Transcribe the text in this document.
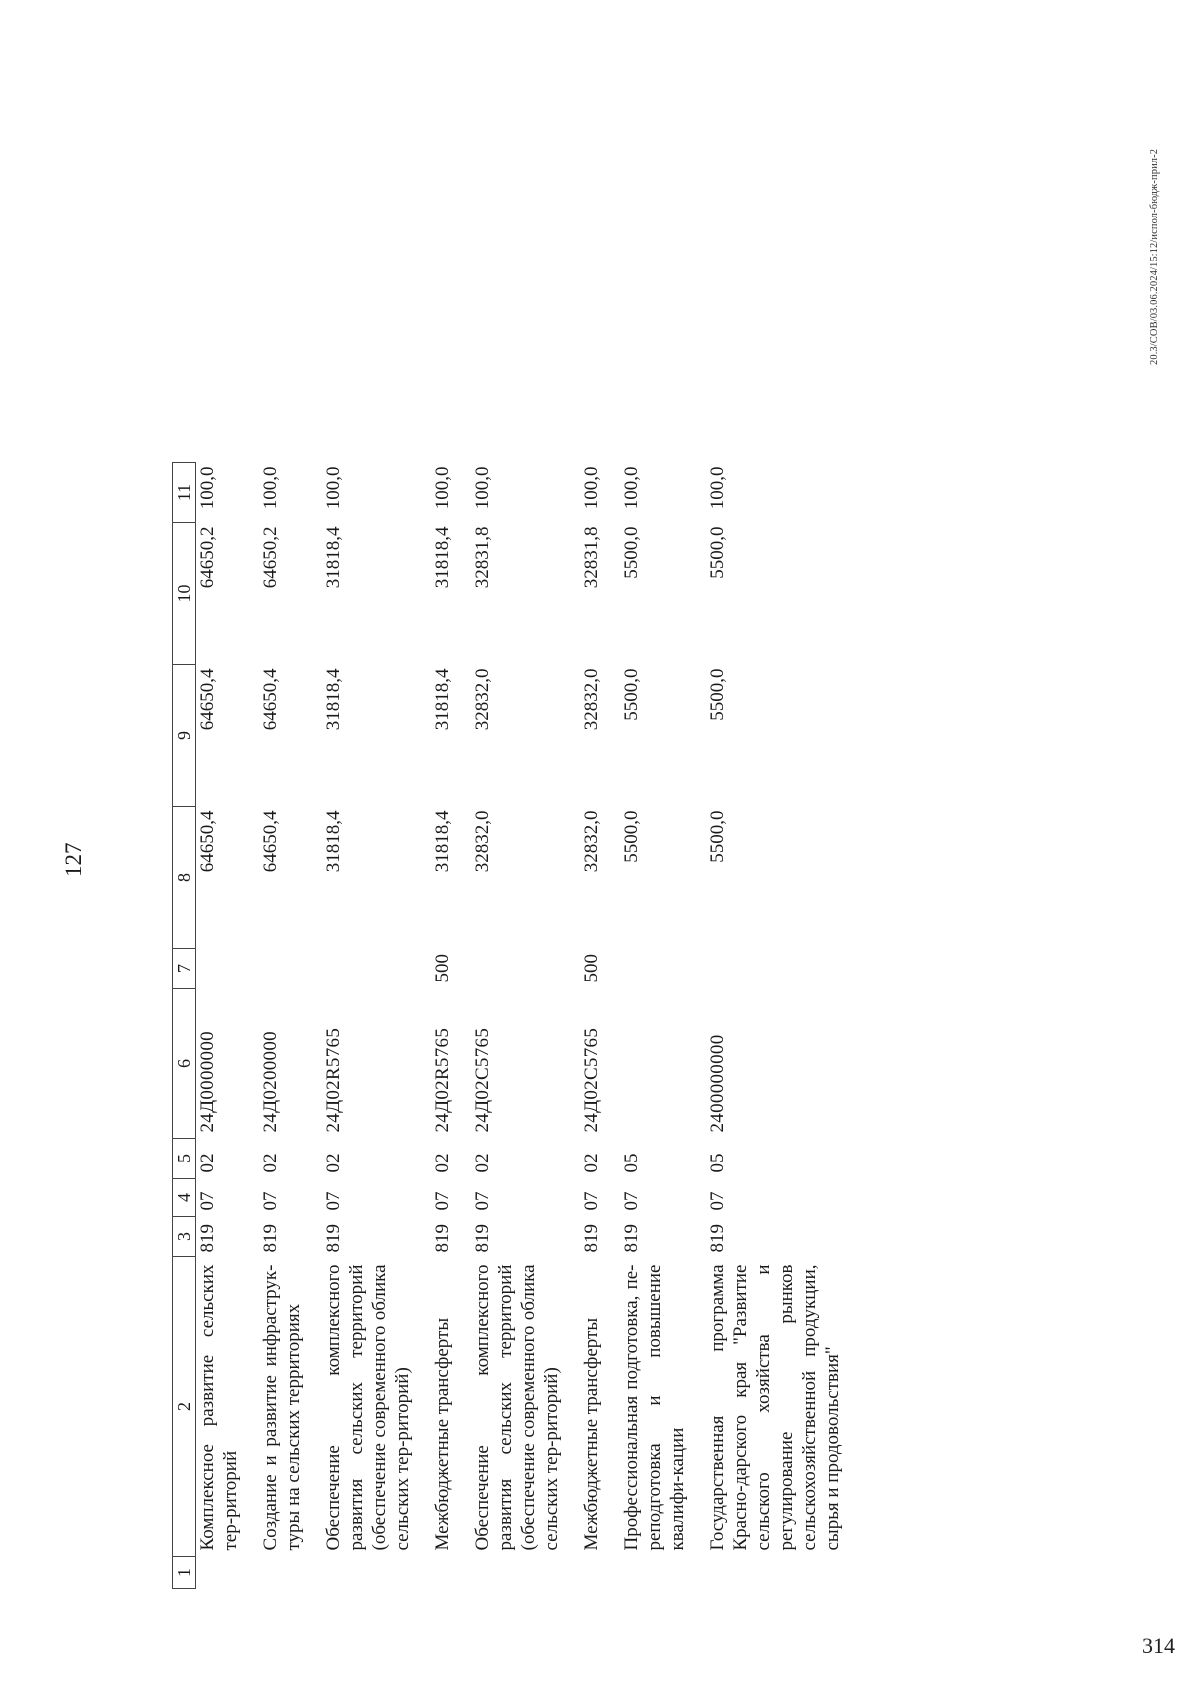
314
127
1	2	3	4	5	6	7	8	9	10	11
	Комплексное развитие сельских тер-риторий	819	07	02	24Д0000000		64650,4	64650,4	64650,2	100,0
	Создание и развитие инфраструк-туры на сельских территориях	819	07	02	24Д0200000		64650,4	64650,4	64650,2	100,0
	Обеспечение комплексного развития сельских территорий (обеспечение современного облика сельских тер-риторий)	819	07	02	24Д02R5765		31818,4	31818,4	31818,4	100,0
	Межбюджетные трансферты	819	07	02	24Д02R5765	500	31818,4	31818,4	31818,4	100,0
	Обеспечение комплексного развития сельских территорий (обеспечение современного облика сельских тер-риторий)	819	07	02	24Д02С5765		32832,0	32832,0	32831,8	100,0
	Межбюджетные трансферты	819	07	02	24Д02С5765	500	32832,0	32832,0	32831,8	100,0
	Профессиональная подготовка, пе-реподготовка и повышение квалифи-кации	819	07	05			5500,0	5500,0	5500,0	100,0
	Государственная программа Красно-дарского края "Развитие сельского хозяйства и регулирование рынков сельскохозяйственной продукции, сырья и продовольствия"	819	07	05	2400000000		5500,0	5500,0	5500,0	100,0
20.3/СОВ/03.06.2024/15:12/испол-бюдж-прил-2
